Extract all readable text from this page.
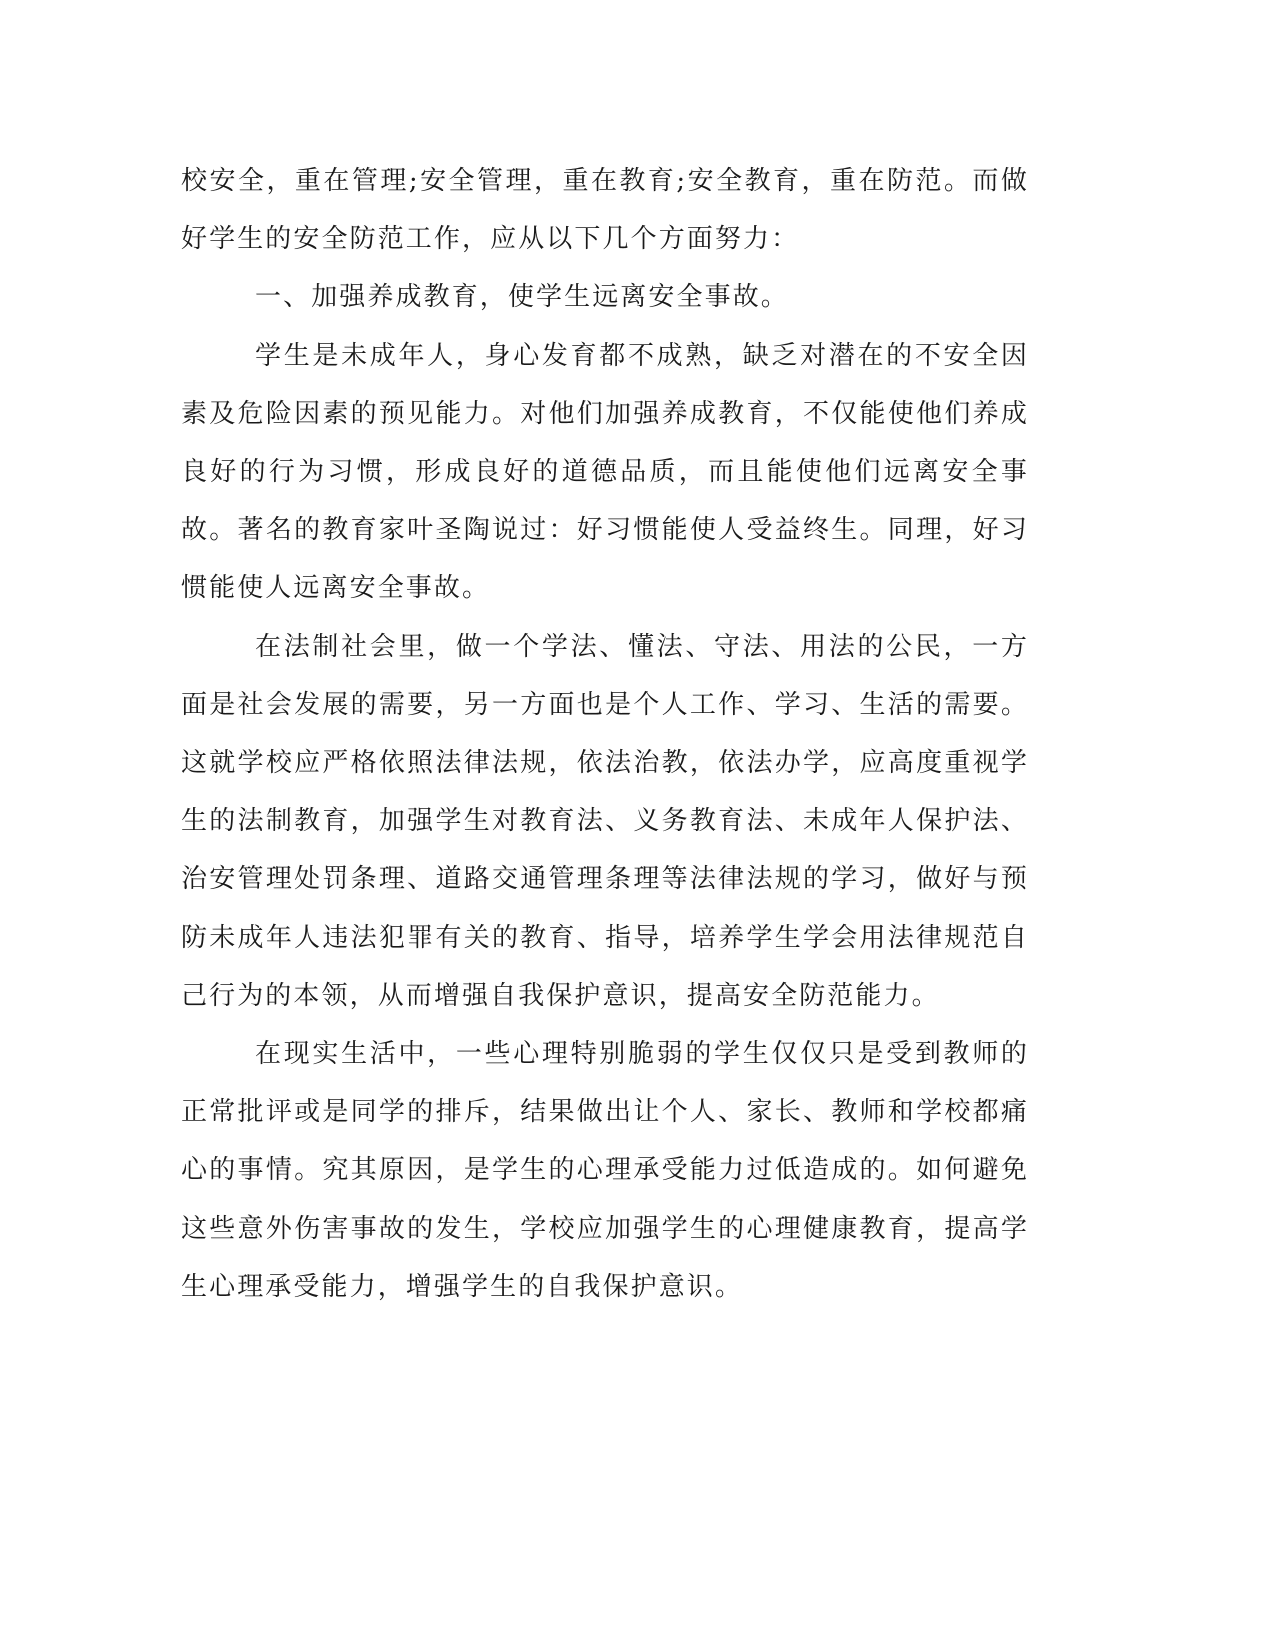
校安全，重在管理;安全管理，重在教育;安全教育，重在防范。而做好学生的安全防范工作，应从以下几个方面努力：

一、加强养成教育，使学生远离安全事故。

学生是未成年人，身心发育都不成熟，缺乏对潜在的不安全因素及危险因素的预见能力。对他们加强养成教育，不仅能使他们养成良好的行为习惯，形成良好的道德品质，而且能使他们远离安全事故。著名的教育家叶圣陶说过：好习惯能使人受益终生。同理，好习惯能使人远离安全事故。

在法制社会里，做一个学法、懂法、守法、用法的公民，一方面是社会发展的需要，另一方面也是个人工作、学习、生活的需要。这就学校应严格依照法律法规，依法治教，依法办学，应高度重视学生的法制教育，加强学生对教育法、义务教育法、未成年人保护法、治安管理处罚条理、道路交通管理条理等法律法规的学习，做好与预防未成年人违法犯罪有关的教育、指导，培养学生学会用法律规范自己行为的本领，从而增强自我保护意识，提高安全防范能力。

在现实生活中，一些心理特别脆弱的学生仅仅只是受到教师的正常批评或是同学的排斥，结果做出让个人、家长、教师和学校都痛心的事情。究其原因，是学生的心理承受能力过低造成的。如何避免这些意外伤害事故的发生，学校应加强学生的心理健康教育，提高学生心理承受能力，增强学生的自我保护意识。
